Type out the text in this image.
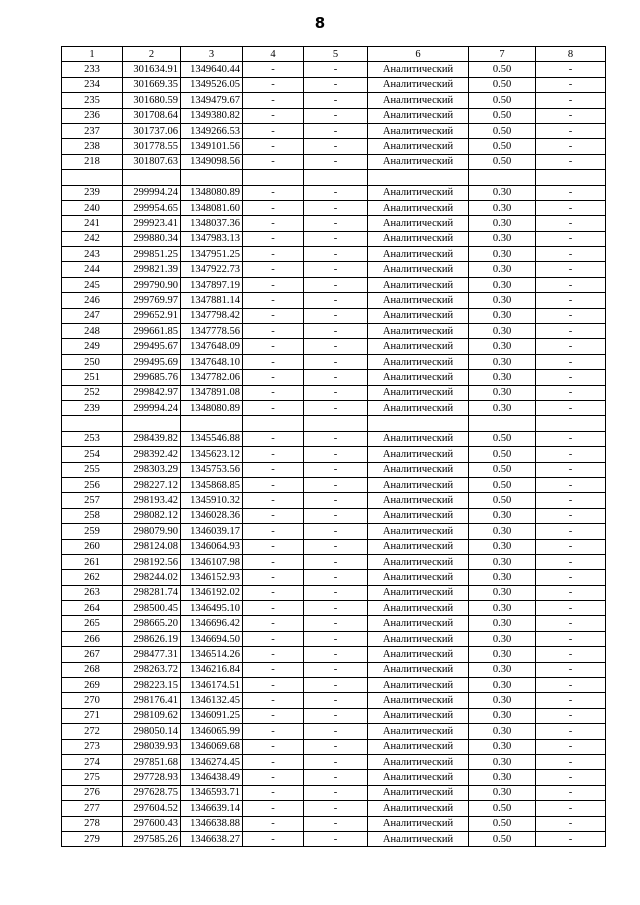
8
1	2	3	4	5	6	7	8
233	301634.91	1349640.44	-	-	Аналитический	0.50	-
234	301669.35	1349526.05	-	-	Аналитический	0.50	-
235	301680.59	1349479.67	-	-	Аналитический	0.50	-
236	301708.64	1349380.82	-	-	Аналитический	0.50	-
237	301737.06	1349266.53	-	-	Аналитический	0.50	-
238	301778.55	1349101.56	-	-	Аналитический	0.50	-
218	301807.63	1349098.56	-	-	Аналитический	0.50	-

239	299994.24	1348080.89	-	-	Аналитический	0.30	-
240	299954.65	1348081.60	-	-	Аналитический	0.30	-
241	299923.41	1348037.36	-	-	Аналитический	0.30	-
242	299880.34	1347983.13	-	-	Аналитический	0.30	-
243	299851.25	1347951.25	-	-	Аналитический	0.30	-
244	299821.39	1347922.73	-	-	Аналитический	0.30	-
245	299790.90	1347897.19	-	-	Аналитический	0.30	-
246	299769.97	1347881.14	-	-	Аналитический	0.30	-
247	299652.91	1347798.42	-	-	Аналитический	0.30	-
248	299661.85	1347778.56	-	-	Аналитический	0.30	-
249	299495.67	1347648.09	-	-	Аналитический	0.30	-
250	299495.69	1347648.10	-	-	Аналитический	0.30	-
251	299685.76	1347782.06	-	-	Аналитический	0.30	-
252	299842.97	1347891.08	-	-	Аналитический	0.30	-
239	299994.24	1348080.89	-	-	Аналитический	0.30	-

253	298439.82	1345546.88	-	-	Аналитический	0.50	-
254	298392.42	1345623.12	-	-	Аналитический	0.50	-
255	298303.29	1345753.56	-	-	Аналитический	0.50	-
256	298227.12	1345868.85	-	-	Аналитический	0.50	-
257	298193.42	1345910.32	-	-	Аналитический	0.50	-
258	298082.12	1346028.36	-	-	Аналитический	0.30	-
259	298079.90	1346039.17	-	-	Аналитический	0.30	-
260	298124.08	1346064.93	-	-	Аналитический	0.30	-
261	298192.56	1346107.98	-	-	Аналитический	0.30	-
262	298244.02	1346152.93	-	-	Аналитический	0.30	-
263	298281.74	1346192.02	-	-	Аналитический	0.30	-
264	298500.45	1346495.10	-	-	Аналитический	0.30	-
265	298665.20	1346696.42	-	-	Аналитический	0.30	-
266	298626.19	1346694.50	-	-	Аналитический	0.30	-
267	298477.31	1346514.26	-	-	Аналитический	0.30	-
268	298263.72	1346216.84	-	-	Аналитический	0.30	-
269	298223.15	1346174.51	-	-	Аналитический	0.30	-
270	298176.41	1346132.45	-	-	Аналитический	0.30	-
271	298109.62	1346091.25	-	-	Аналитический	0.30	-
272	298050.14	1346065.99	-	-	Аналитический	0.30	-
273	298039.93	1346069.68	-	-	Аналитический	0.30	-
274	297851.68	1346274.45	-	-	Аналитический	0.30	-
275	297728.93	1346438.49	-	-	Аналитический	0.30	-
276	297628.75	1346593.71	-	-	Аналитический	0.30	-
277	297604.52	1346639.14	-	-	Аналитический	0.50	-
278	297600.43	1346638.88	-	-	Аналитический	0.50	-
279	297585.26	1346638.27	-	-	Аналитический	0.50	-
